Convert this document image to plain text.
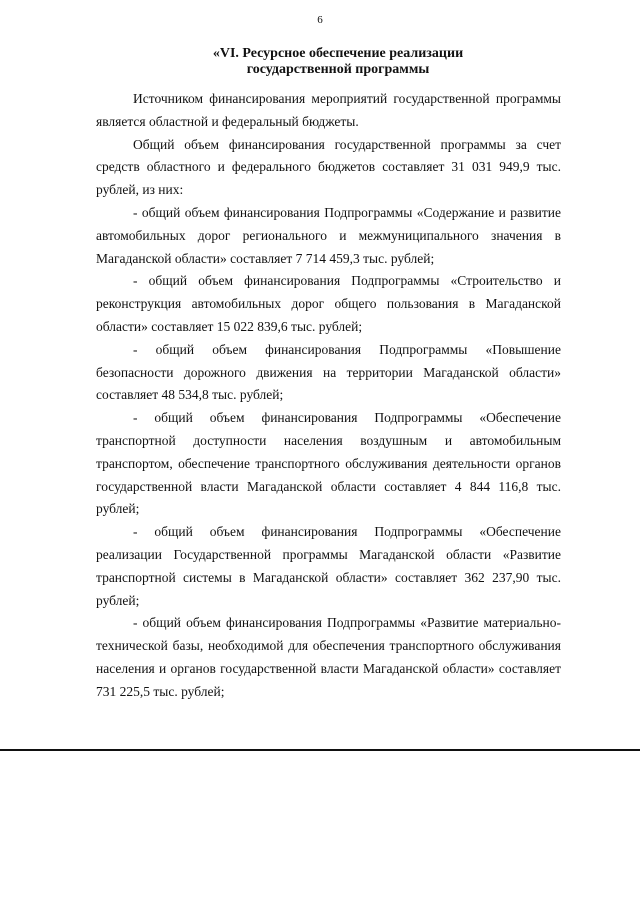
6
«VI. Ресурсное обеспечение реализации
государственной программы

Источником финансирования мероприятий государственной программы является областной и федеральный бюджеты.

Общий объем финансирования государственной программы за счет средств областного и федерального бюджетов составляет 31 031 949,9 тыс. рублей, из них:

- общий объем финансирования Подпрограммы «Содержание и развитие автомобильных дорог регионального и межмуниципального значения в Магаданской области» составляет 7 714 459,3 тыс. рублей;

- общий объем финансирования Подпрограммы «Строительство и реконструкция автомобильных дорог общего пользования в Магаданской области» составляет 15 022 839,6 тыс. рублей;

- общий объем финансирования Подпрограммы «Повышение безопасности дорожного движения на территории Магаданской области» составляет 48 534,8 тыс. рублей;

- общий объем финансирования Подпрограммы «Обеспечение транспортной доступности населения воздушным и автомобильным транспортом, обеспечение транспортного обслуживания деятельности органов государственной власти Магаданской области составляет 4 844 116,8 тыс. рублей;

- общий объем финансирования Подпрограммы «Обеспечение реализации Государственной программы Магаданской области «Развитие транспортной системы в Магаданской области» составляет 362 237,90 тыс. рублей;

- общий объем финансирования Подпрограммы «Развитие материально-технической базы, необходимой для обеспечения транспортного обслуживания населения и органов государственной власти Магаданской области» составляет 731 225,5 тыс. рублей;
